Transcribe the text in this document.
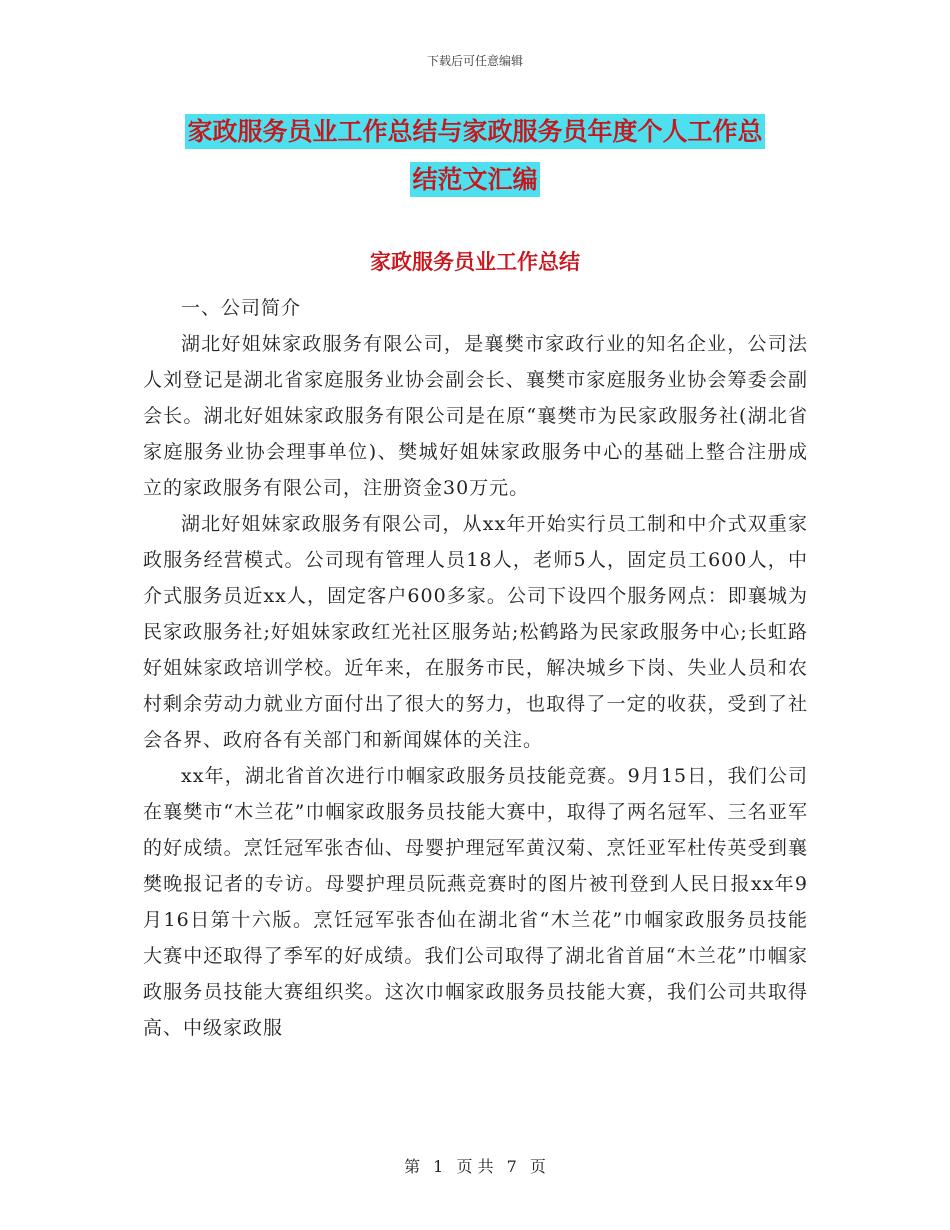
下载后可任意编辑
家政服务员业工作总结与家政服务员年度个人工作总
结范文汇编
家政服务员业工作总结

一、公司简介

湖北好姐妹家政服务有限公司，是襄樊市家政行业的知名企业，公司法人刘登记是湖北省家庭服务业协会副会长、襄樊市家庭服务业协会筹委会副会长。湖北好姐妹家政服务有限公司是在原“襄樊市为民家政服务社(湖北省家庭服务业协会理事单位)、樊城好姐妹家政服务中心的基础上整合注册成立的家政服务有限公司，注册资金30万元。

湖北好姐妹家政服务有限公司，从xx年开始实行员工制和中介式双重家政服务经营模式。公司现有管理人员18人，老师5人，固定员工600人，中介式服务员近xx人，固定客户600多家。公司下设四个服务网点：即襄城为民家政服务社;好姐妹家政红光社区服务站;松鹤路为民家政服务中心;长虹路好姐妹家政培训学校。近年来，在服务市民，解决城乡下岗、失业人员和农村剩余劳动力就业方面付出了很大的努力，也取得了一定的收获，受到了社会各界、政府各有关部门和新闻媒体的关注。

xx年，湖北省首次进行巾帼家政服务员技能竞赛。9月15日，我们公司在襄樊市“木兰花”巾帼家政服务员技能大赛中，取得了两名冠军、三名亚军的好成绩。烹饪冠军张杏仙、母婴护理冠军黄汉菊、烹饪亚军杜传英受到襄樊晚报记者的专访。母婴护理员阮燕竞赛时的图片被刊登到人民日报xx年9月16日第十六版。烹饪冠军张杏仙在湖北省“木兰花”巾帼家政服务员技能大赛中还取得了季军的好成绩。我们公司取得了湖北省首届“木兰花”巾帼家政服务员技能大赛组织奖。这次巾帼家政服务员技能大赛，我们公司共取得高、中级家政服

第 1 页 共 7 页
